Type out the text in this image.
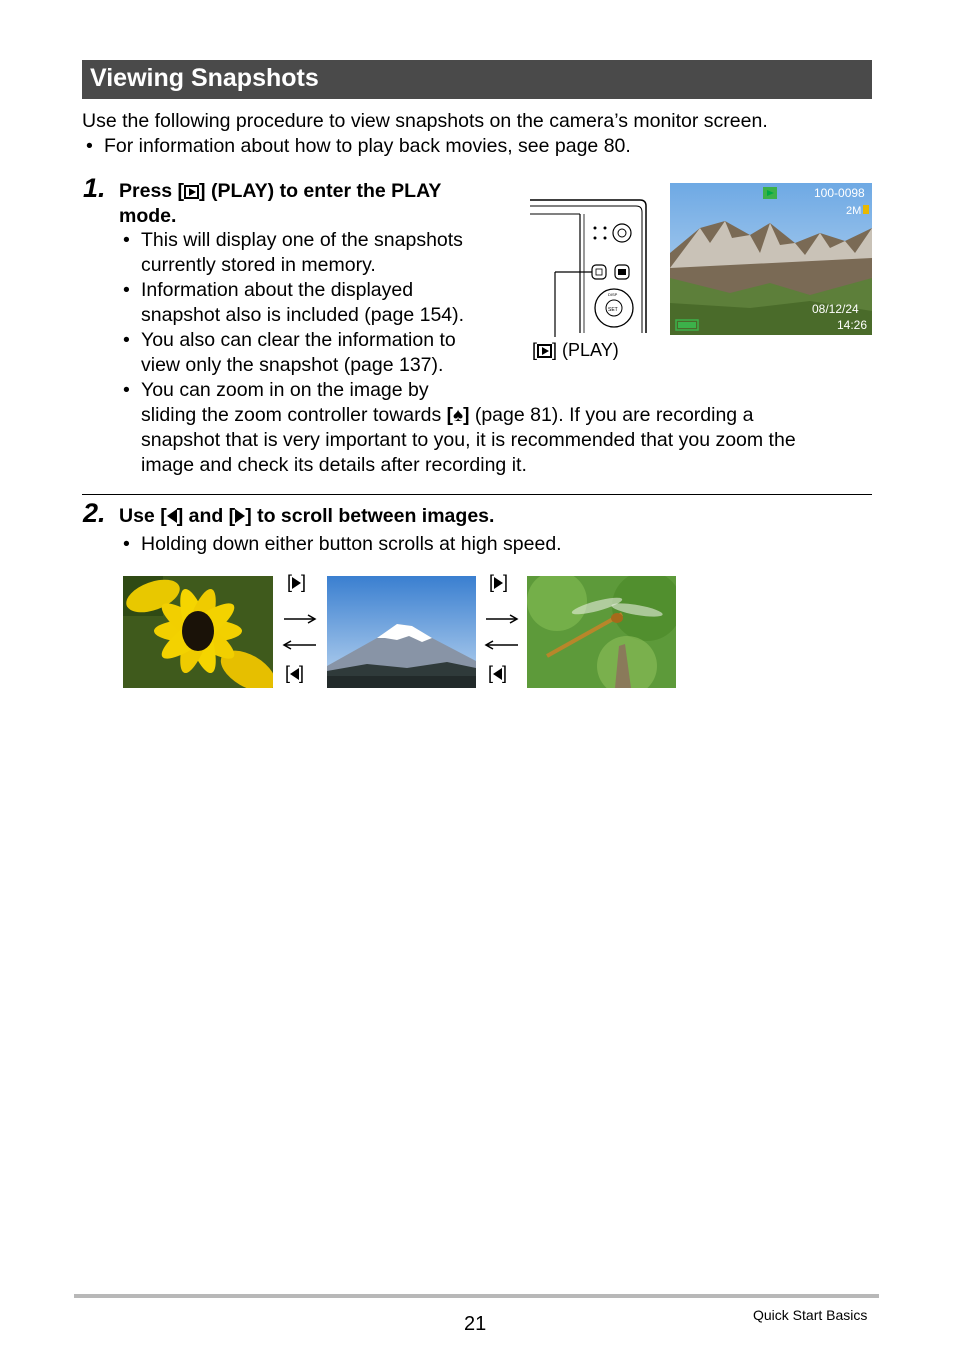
Viewing Snapshots
Use the following procedure to view snapshots on the camera’s monitor screen.
• For information about how to play back movies, see page 80.
1. Press [ ] (PLAY) to enter the PLAY
mode.
• This will display one of the snapshots
currently stored in memory.
• Information about the displayed
snapshot also is included (page 154).
• You also can clear the information to
view only the snapshot (page 137).
• You can zoom in on the image by
sliding the zoom controller towards [♠] (page 81). If you are recording a
snapshot that is very important to you, it is recommended that you zoom the
image and check its details after recording it.
SET
DISP
[ ] (PLAY)
100-0098
2M
08/12/24
14:26
2. Use [ ] and [ ] to scroll between images.
• Holding down either button scrolls at high speed.
[ ]
[ ]
[ ]
[ ]
21	Quick Start Basics
